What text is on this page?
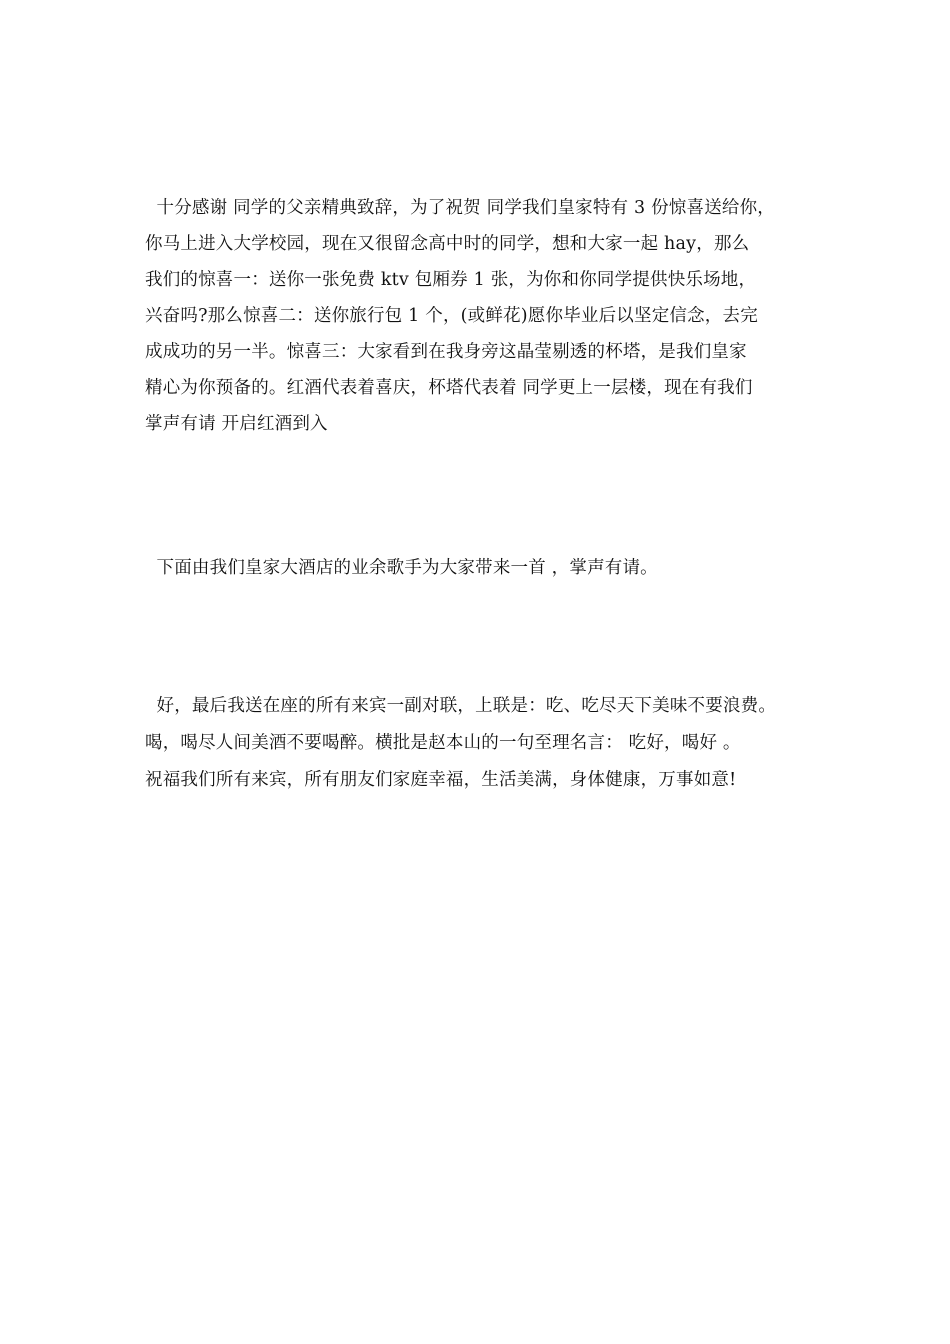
十分感谢 同学的父亲精典致辞，为了祝贺 同学我们皇家特有 3 份惊喜送给你，
你马上进入大学校园，现在又很留念高中时的同学，想和大家一起 hay，那么
我们的惊喜一：送你一张免费 ktv 包厢券 1 张，为你和你同学提供快乐场地，
兴奋吗?那么惊喜二：送你旅行包 1 个，(或鲜花)愿你毕业后以坚定信念，去完
成成功的另一半。惊喜三：大家看到在我身旁这晶莹剔透的杯塔，是我们皇家
精心为你预备的。红酒代表着喜庆，杯塔代表着 同学更上一层楼，现在有我们
掌声有请 开启红酒到入
下面由我们皇家大酒店的业余歌手为大家带来一首 ，掌声有请。
好，最后我送在座的所有来宾一副对联，上联是：吃、吃尽天下美味不要浪费。
喝，喝尽人间美酒不要喝醉。横批是赵本山的一句至理名言： 吃好，喝好 。
祝福我们所有来宾，所有朋友们家庭幸福，生活美满，身体健康，万事如意!
